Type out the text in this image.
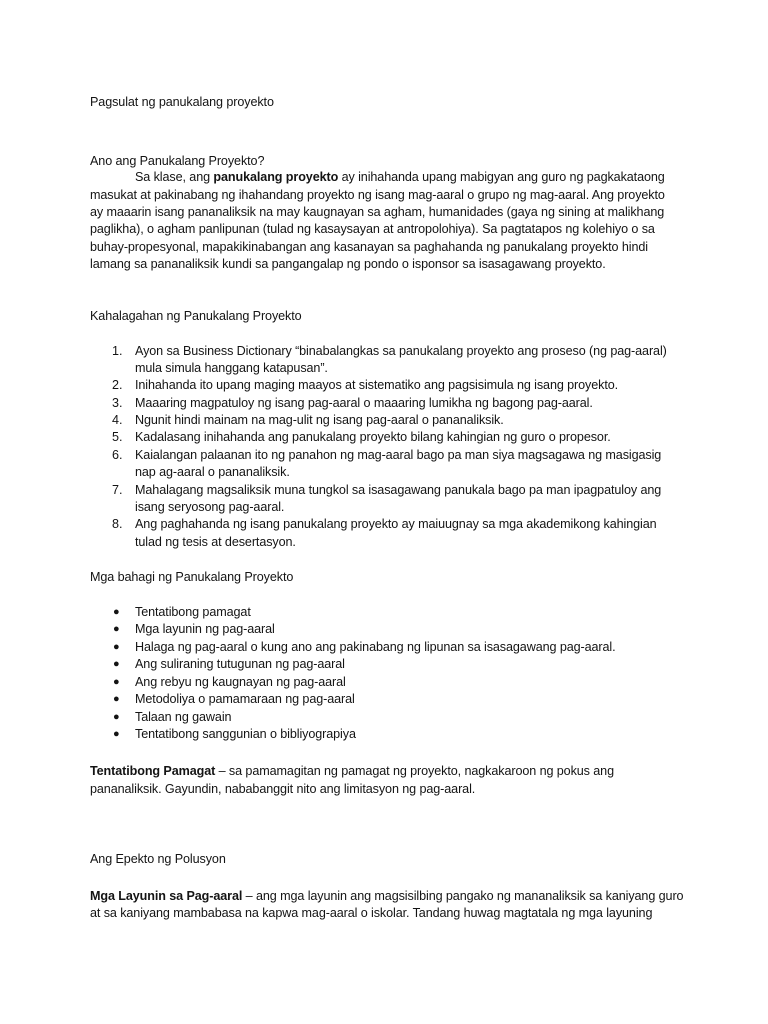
Pagsulat ng panukalang proyekto
Ano ang Panukalang Proyekto?
Sa klase, ang panukalang proyekto ay inihahanda upang mabigyan ang guro ng pagkakataong
masukat at pakinabang ng ihahandang proyekto ng isang mag-aaral o grupo ng mag-aaral. Ang proyekto
ay maaarin isang pananaliksik na may kaugnayan sa agham, humanidades (gaya ng sining at malikhang
paglikha), o agham panlipunan (tulad ng kasaysayan at antropolohiya). Sa pagtatapos ng kolehiyo o sa
buhay-propesyonal, mapakikinabangan ang kasanayan sa paghahanda ng panukalang proyekto hindi
lamang sa pananaliksik kundi sa pangangalap ng pondo o isponsor sa isasagawang proyekto.
Kahalagahan ng Panukalang Proyekto
1. Ayon sa Business Dictionary “binabalangkas sa panukalang proyekto ang proseso (ng pag-aaral)
mula simula hanggang katapusan”.
2. Inihahanda ito upang maging maayos at sistematiko ang pagsisimula ng isang proyekto.
3. Maaaring magpatuloy ng isang pag-aaral o maaaring lumikha ng bagong pag-aaral.
4. Ngunit hindi mainam na mag-ulit ng isang pag-aaral o pananaliksik.
5. Kadalasang inihahanda ang panukalang proyekto bilang kahingian ng guro o propesor.
6. Kaialangan palaanan ito ng panahon ng mag-aaral bago pa man siya magsagawa ng masigasig
nap ag-aaral o pananaliksik.
7. Mahalagang magsaliksik muna tungkol sa isasagawang panukala bago pa man ipagpatuloy ang
isang seryosong pag-aaral.
8. Ang paghahanda ng isang panukalang proyekto ay maiuugnay sa mga akademikong kahingian
tulad ng tesis at desertasyon.
Mga bahagi ng Panukalang Proyekto
● Tentatibong pamagat
● Mga layunin ng pag-aaral
● Halaga ng pag-aaral o kung ano ang pakinabang ng lipunan sa isasagawang pag-aaral.
● Ang suliraning tutugunan ng pag-aaral
● Ang rebyu ng kaugnayan ng pag-aaral
● Metodoliya o pamamaraan ng pag-aaral
● Talaan ng gawain
● Tentatibong sanggunian o bibliyograpiya
Tentatibong Pamagat – sa pamamagitan ng pamagat ng proyekto, nagkakaroon ng pokus ang
pananaliksik. Gayundin, nababanggit nito ang limitasyon ng pag-aaral.
Ang Epekto ng Polusyon
Mga Layunin sa Pag-aaral – ang mga layunin ang magsisilbing pangako ng mananaliksik sa kaniyang guro
at sa kaniyang mambabasa na kapwa mag-aaral o iskolar. Tandang huwag magtatala ng mga layuning
